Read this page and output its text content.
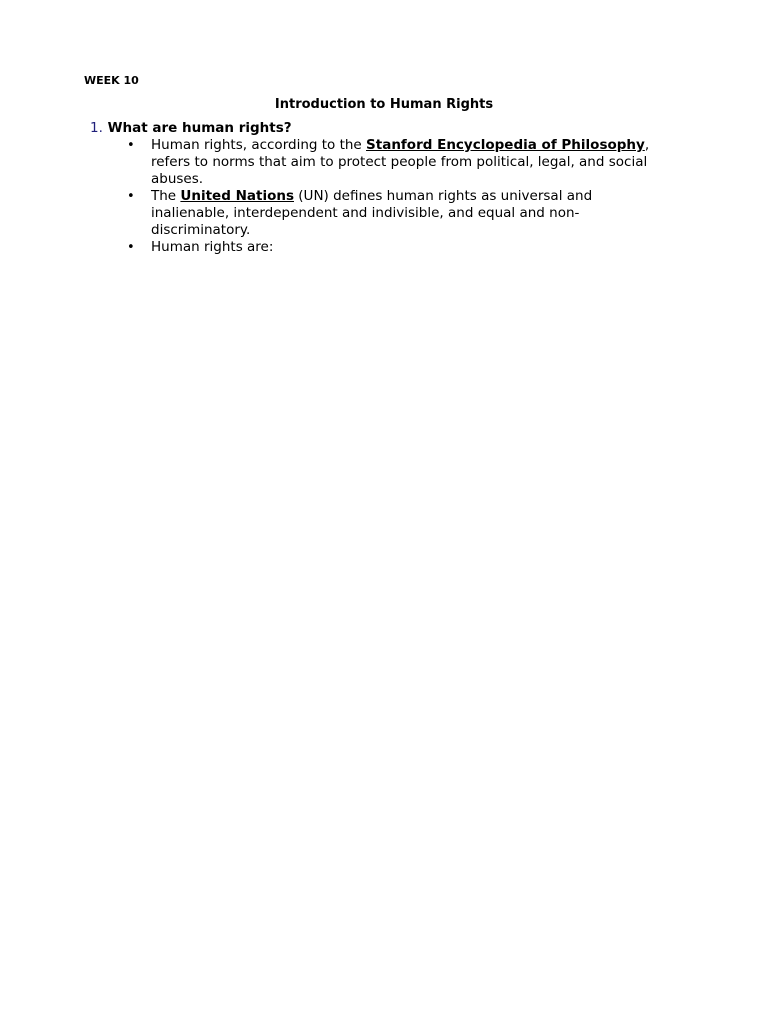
WEEK 10
Introduction to Human Rights
1. What are human rights?
• Human rights, according to the Stanford Encyclopedia of Philosophy, refers to norms that aim to protect people from political, legal, and social abuses.
• The United Nations (UN) defines human rights as universal and inalienable, interdependent and indivisible, and equal and non-discriminatory.
• Human rights are:
